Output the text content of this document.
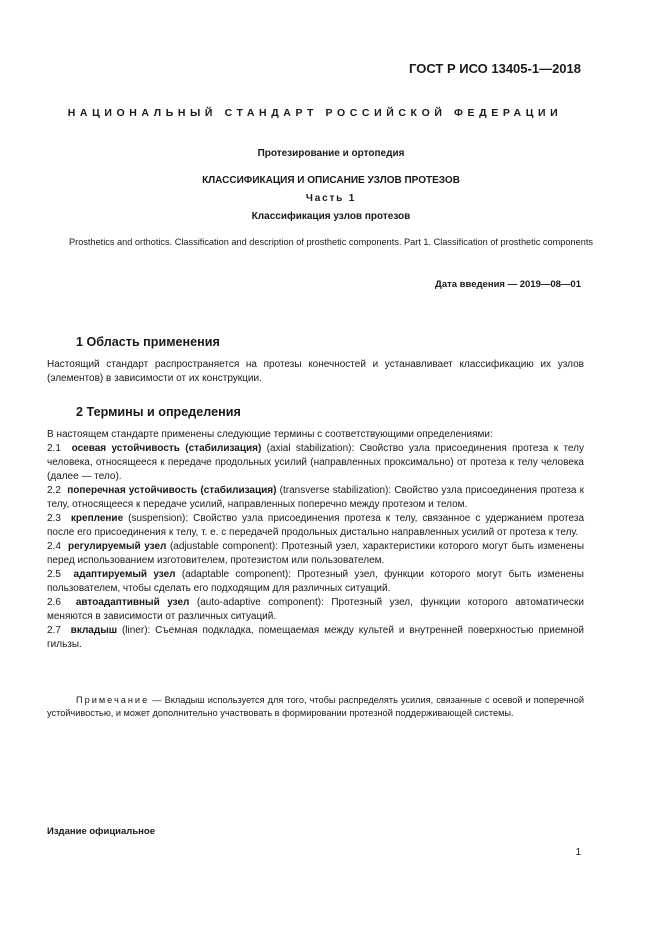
ГОСТ Р ИСО 13405-1—2018
НАЦИОНАЛЬНЫЙ СТАНДАРТ РОССИЙСКОЙ ФЕДЕРАЦИИ
Протезирование и ортопедия
КЛАССИФИКАЦИЯ И ОПИСАНИЕ УЗЛОВ ПРОТЕЗОВ
Часть 1
Классификация узлов протезов
Prosthetics and orthotics. Classification and description of prosthetic components. Part 1. Classification of prosthetic components
Дата введения — 2019—08—01
1 Область применения

Настоящий стандарт распространяется на протезы конечностей и устанавливает классификацию их узлов (элементов) в зависимости от их конструкции.

2 Термины и определения

В настоящем стандарте применены следующие термины с соответствующими определениями:

2.1 осевая устойчивость (стабилизация) (axial stabilization): Свойство узла присоединения протеза к телу человека, относящееся к передаче продольных усилий (направленных проксимально) от протеза к телу человека (далее — тело).

2.2 поперечная устойчивость (стабилизация) (transverse stabilization): Свойство узла присоединения протеза к телу, относящееся к передаче усилий, направленных поперечно между протезом и телом.

2.3 крепление (suspension): Свойство узла присоединения протеза к телу, связанное с удержанием протеза после его присоединения к телу, т. е. с передачей продольных дистально направленных усилий от протеза к телу.

2.4 регулируемый узел (adjustable component): Протезный узел, характеристики которого могут быть изменены перед использованием изготовителем, протезистом или пользователем.

2.5 адаптируемый узел (adaptable component): Протезный узел, функции которого могут быть изменены пользователем, чтобы сделать его подходящим для различных ситуаций.

2.6 автоадаптивный узел (auto-adaptive component): Протезный узел, функции которого автоматически меняются в зависимости от различных ситуаций.

2.7 вкладыш (liner): Съемная подкладка, помещаемая между культей и внутренней поверхностью приемной гильзы.

Примечание — Вкладыш используется для того, чтобы распределять усилия, связанные с осевой и поперечной устойчивостью, и может дополнительно участвовать в формировании протезной поддерживающей системы.
Издание официальное
1
